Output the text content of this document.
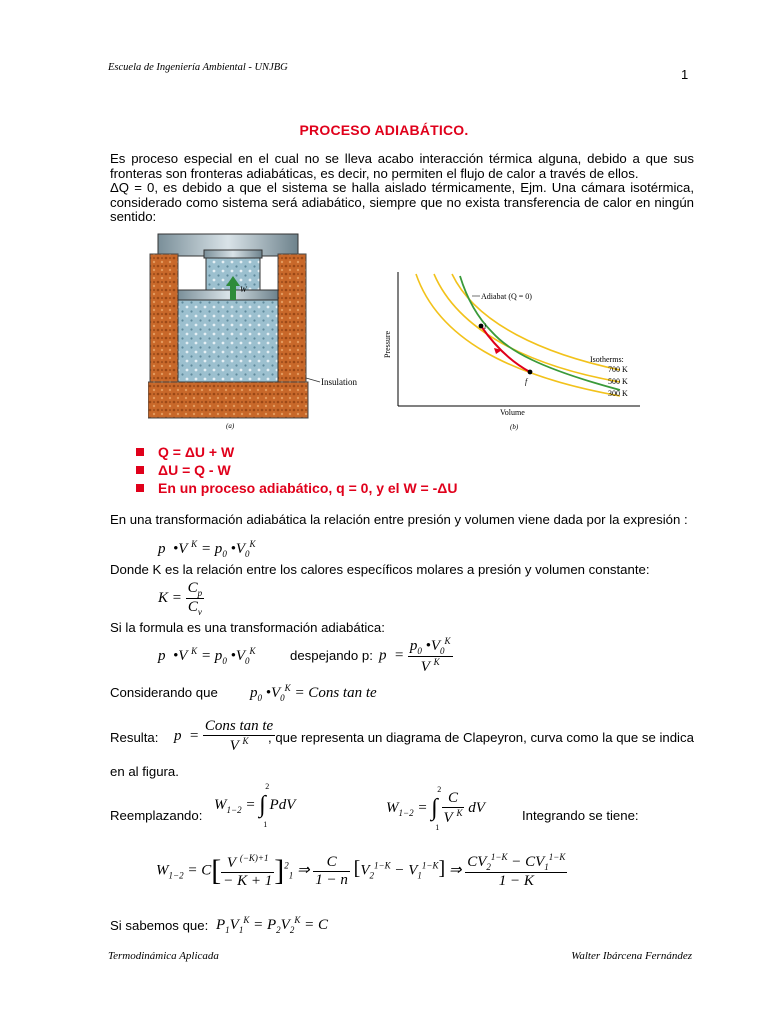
Escuela de Ingeniería Ambiental - UNJBG	1
PROCESO ADIABÁTICO.
Es proceso especial en el cual no se lleva acabo interacción térmica alguna, debido a que sus fronteras son fronteras adiabáticas, es decir, no permiten el flujo de calor a través de ellos.
ΔQ = 0, es debido a que el sistema se halla aislado térmicamente, Ejm. Una cámara isotérmica, considerado como sistema será adiabático, siempre que no exista transferencia de calor en ningún sentido:
W
Insulation
(a)
i
f
Adiabat (Q = 0)
Isotherms:
700 K
500 K
300 K
Pressure
Volume
(b)
Q = ΔU + W
ΔU = Q - W
En un proceso adiabático, q = 0, y el W = -ΔU
En una transformación adiabática la relación entre presión y volumen viene dada por la expresión :
p  •V $^K = p_0$ $•V_0^K$
Donde K es la relación entre los calores específicos molares a presión y volumen constante:
$K = \frac{C_p}{C_v}$
Si la formula es una transformación adiabática:
p  •V $^K = p_0$ $•V_0^K$	despejando p: $p = \frac{p_0 •V_0^K}{V ^K}$
Considerando que $p_0$ $•V_0^K$ = Cons tan te
Resulta: $p = \frac{\text{Cons tan te}}{V ^K}$
, que representa un diagrama de Clapeyron, curva como la que se indica
en al figura.
Reemplazando:
$W_{1-2}$ = ∫
2
1
PdV	$W_{1-2}$ = ∫
2
1

$\frac{C}{V ^K}$ dV	Integrando se tiene:
$W_{1-2} = C[ \frac{V ^{(-K)+1}}{- K + 1} ]^2_1$ ⇒ $\frac{C}{1 - n} [V_2^{1-K} - V_1^{1-K}]$ ⇒ $\frac{CV_2^{1-K} - CV_1^{1-K}}{1 - K}$
Si sabemos que: $P_1V_1^K = P_2V_2^K = C$
Termodinámica Aplicada	Walter Ibárcena Fernández
